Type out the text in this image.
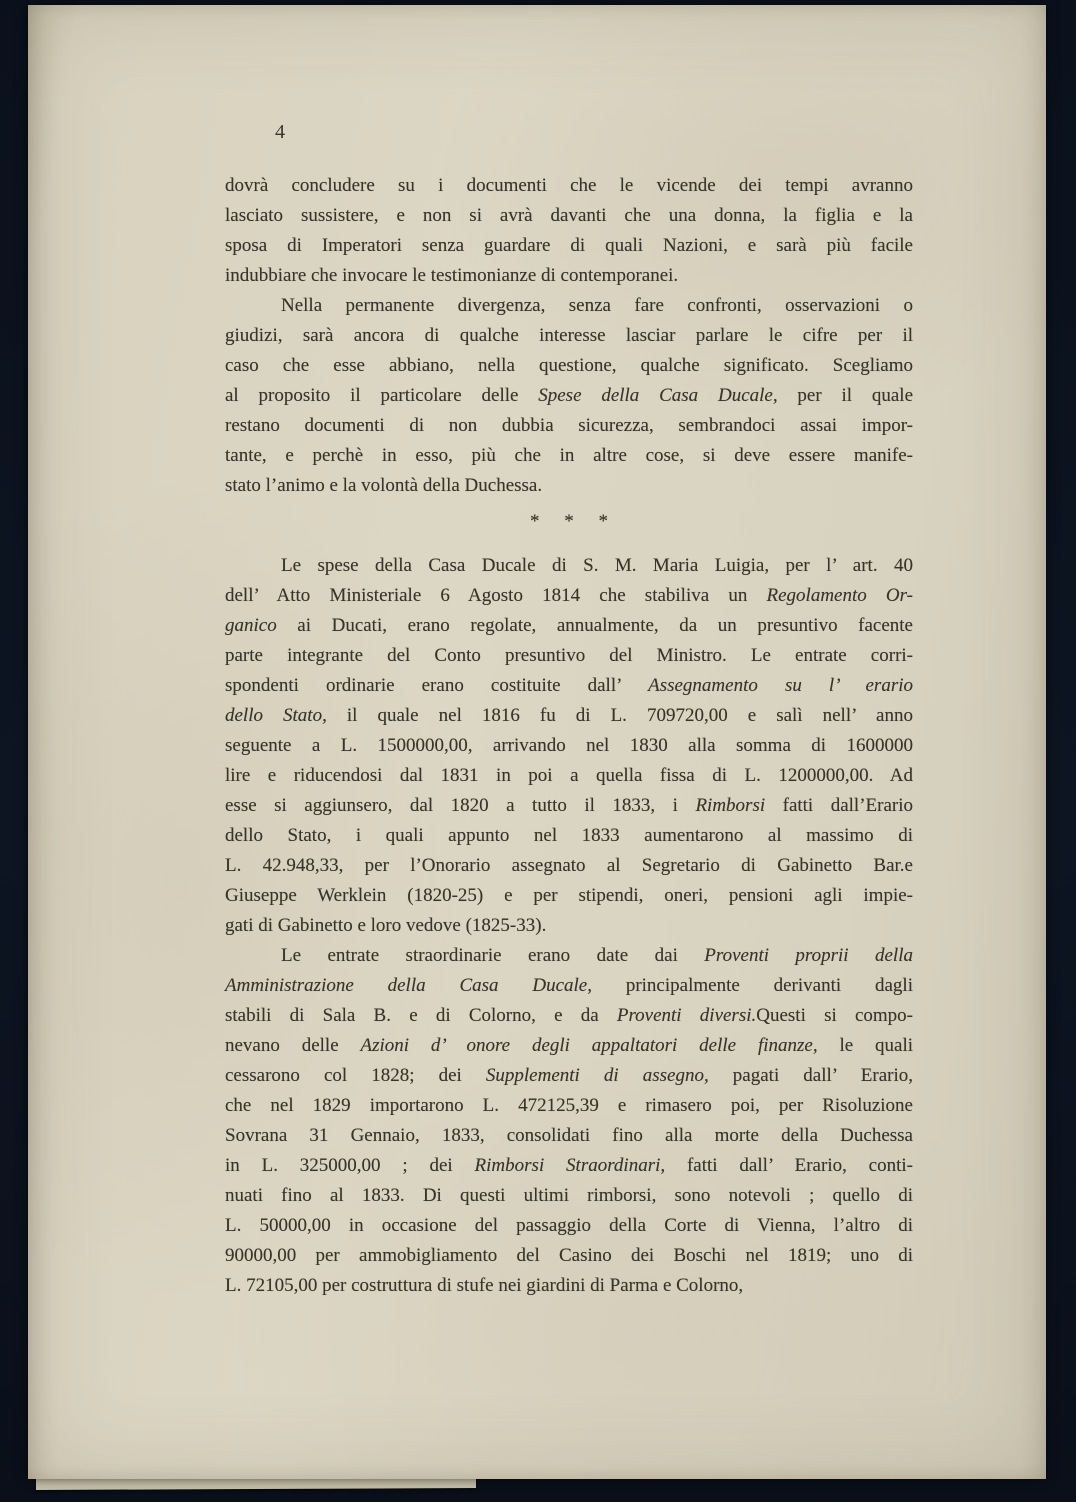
4
dovrà concludere su i documenti che le vicende dei tempi avranno
lasciato sussistere, e non si avrà davanti che una donna, la figlia e la
sposa di Imperatori senza guardare di quali Nazioni, e sarà più facile
indubbiare che invocare le testimonianze di contemporanei.
Nella permanente divergenza, senza fare confronti, osservazioni o
giudizi, sarà ancora di qualche interesse lasciar parlare le cifre per il
caso che esse abbiano, nella questione, qualche significato. Scegliamo
al proposito il particolare delle Spese della Casa Ducale, per il quale
restano documenti di non dubbia sicurezza, sembrandoci assai impor-
tante, e perchè in esso, più che in altre cose, si deve essere manife-
stato l’animo e la volontà della Duchessa.
* * *
Le spese della Casa Ducale di S. M. Maria Luigia, per l’ art. 40
dell’ Atto Ministeriale 6 Agosto 1814 che stabiliva un Regolamento Or-
ganico ai Ducati, erano regolate, annualmente, da un presuntivo facente
parte integrante del Conto presuntivo del Ministro. Le entrate corri-
spondenti ordinarie erano costituite dall’ Assegnamento su l’ erario
dello Stato, il quale nel 1816 fu di L. 709720,00 e salì nell’ anno
seguente a L. 1500000,00, arrivando nel 1830 alla somma di 1600000
lire e riducendosi dal 1831 in poi a quella fissa di L. 1200000,00. Ad
esse si aggiunsero, dal 1820 a tutto il 1833, i Rimborsi fatti dall’Erario
dello Stato, i quali appunto nel 1833 aumentarono al massimo di
L. 42.948,33, per l’Onorario assegnato al Segretario di Gabinetto Bar.e
Giuseppe Werklein (1820-25) e per stipendi, oneri, pensioni agli impie-
gati di Gabinetto e loro vedove (1825-33).
Le entrate straordinarie erano date dai Proventi proprii della
Amministrazione della Casa Ducale, principalmente derivanti dagli
stabili di Sala B. e di Colorno, e da Proventi diversi.Questi si compo-
nevano delle Azioni d’ onore degli appaltatori delle finanze, le quali
cessarono col 1828; dei Supplementi di assegno, pagati dall’ Erario,
che nel 1829 importarono L. 472125,39 e rimasero poi, per Risoluzione
Sovrana 31 Gennaio, 1833, consolidati fino alla morte della Duchessa
in L. 325000,00 ; dei Rimborsi Straordinari, fatti dall’ Erario, conti-
nuati fino al 1833. Di questi ultimi rimborsi, sono notevoli ; quello di
L. 50000,00 in occasione del passaggio della Corte di Vienna, l’altro di
90000,00 per ammobigliamento del Casino dei Boschi nel 1819; uno di
L. 72105,00 per costruttura di stufe nei giardini di Parma e Colorno,
